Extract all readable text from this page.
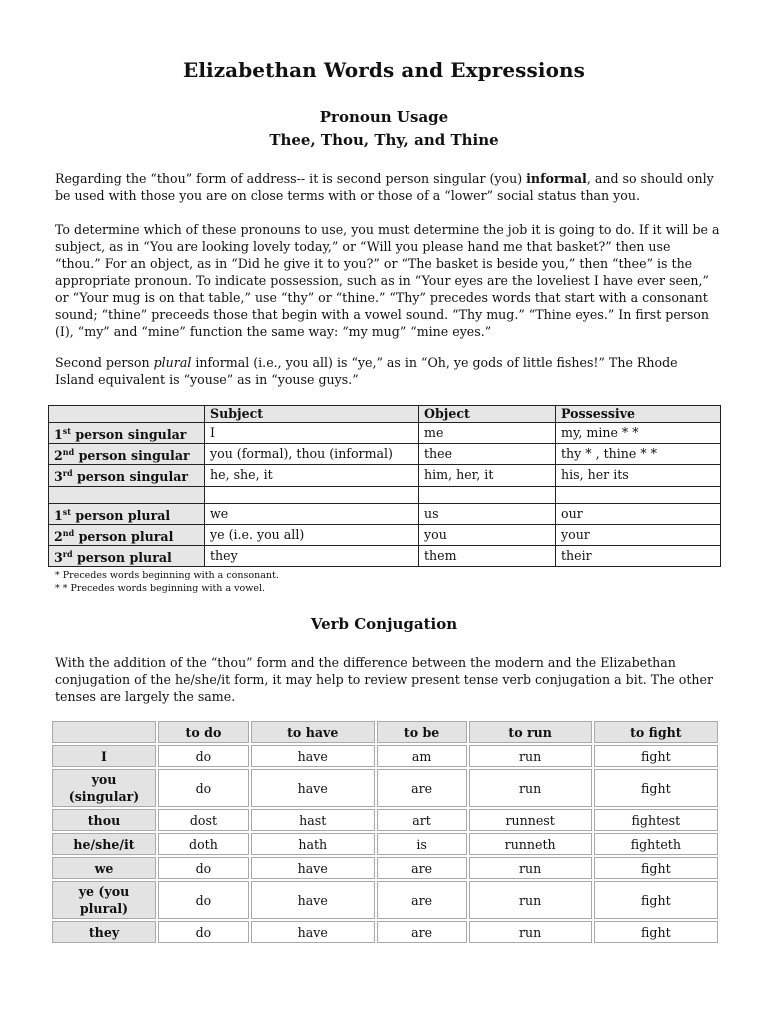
Elizabethan Words and Expressions

Pronoun Usage

Thee, Thou, Thy, and Thine

Regarding the “thou” form of address-- it is second person singular (you) informal, and so should only be used with those you are on close terms with or those of a “lower” social status than you.

To determine which of these pronouns to use, you must determine the job it is going to do. If it will be a subject, as in “You are looking lovely today,” or “Will you please hand me that basket?” then use “thou.” For an object, as in “Did he give it to you?” or “The basket is beside you,” then “thee” is the appropriate pronoun. To indicate possession, such as in “Your eyes are the loveliest I have ever seen,” or “Your mug is on that table,” use “thy” or “thine.” “Thy” precedes words that start with a consonant sound; “thine” preceeds those that begin with a vowel sound. “Thy mug.” “Thine eyes.” In first person (I), “my” and “mine” function the same way: “my mug” “mine eyes.”

Second person plural informal (i.e., you all) is “ye,” as in “Oh, ye gods of little fishes!” The Rhode Island equivalent is “youse” as in “youse guys.”

	Subject	Object	Possessive
1st person singular	I	me	my, mine * *
2nd person singular	you (formal), thou (informal)	thee	thy * , thine * *
3rd person singular	he, she, it	him, her, it	his, her its

1st person plural	we	us	our
2nd person plural	ye (i.e. you all)	you	your
3rd person plural	they	them	their

* Precedes words beginning with a consonant.

* * Precedes words beginning with a vowel.

Verb Conjugation

With the addition of the “thou” form and the difference between the modern and the Elizabethan conjugation of the he/she/it form, it may help to review present tense verb conjugation a bit. The other tenses are largely the same.

	to do	to have	to be	to run	to fight
I	do	have	am	run	fight
you (singular)	do	have	are	run	fight
thou	dost	hast	art	runnest	fightest
he/she/it	doth	hath	is	runneth	fighteth
we	do	have	are	run	fight
ye (you plural)	do	have	are	run	fight
they	do	have	are	run	fight
